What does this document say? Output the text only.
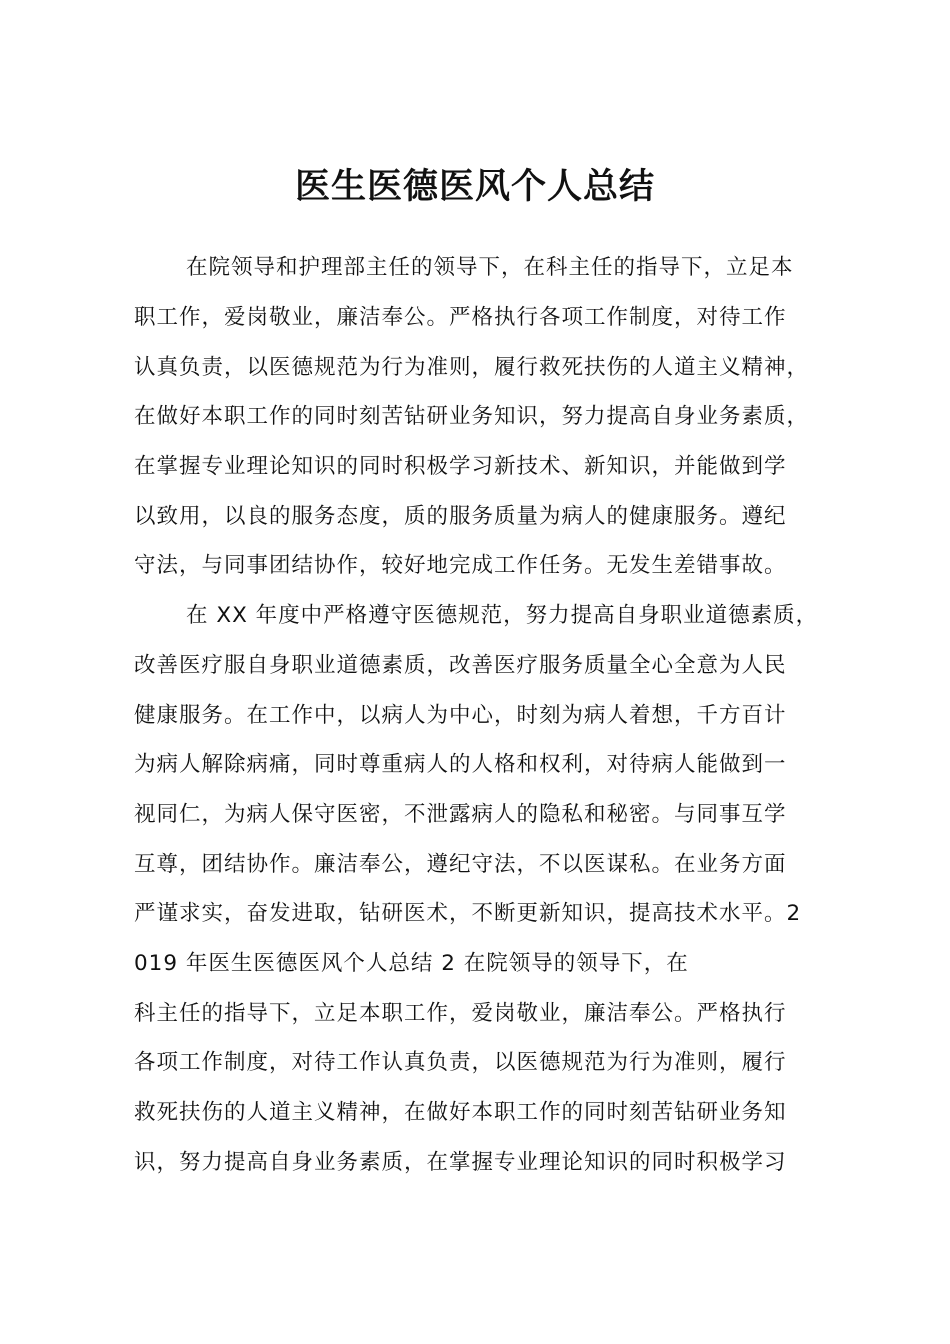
医生医德医风个人总结
在院领导和护理部主任的领导下，在科主任的指导下，立足本
职工作，爱岗敬业，廉洁奉公。严格执行各项工作制度，对待工作
认真负责，以医德规范为行为准则，履行救死扶伤的人道主义精神，
在做好本职工作的同时刻苦钻研业务知识，努力提高自身业务素质，
在掌握专业理论知识的同时积极学习新技术、新知识，并能做到学
以致用，以良的服务态度，质的服务质量为病人的健康服务。遵纪
守法，与同事团结协作，较好地完成工作任务。无发生差错事故。
在 XX 年度中严格遵守医德规范，努力提高自身职业道德素质，
改善医疗服自身职业道德素质，改善医疗服务质量全心全意为人民
健康服务。在工作中，以病人为中心，时刻为病人着想，千方百计
为病人解除病痛，同时尊重病人的人格和权利，对待病人能做到一
视同仁，为病人保守医密，不泄露病人的隐私和秘密。与同事互学
互尊，团结协作。廉洁奉公，遵纪守法，不以医谋私。在业务方面
严谨求实，奋发进取，钻研医术，不断更新知识，提高技术水平。2
019 年医生医德医风个人总结 2 在院领导的领导下，在
科主任的指导下，立足本职工作，爱岗敬业，廉洁奉公。严格执行
各项工作制度，对待工作认真负责，以医德规范为行为准则，履行
救死扶伤的人道主义精神，在做好本职工作的同时刻苦钻研业务知
识，努力提高自身业务素质，在掌握专业理论知识的同时积极学习
